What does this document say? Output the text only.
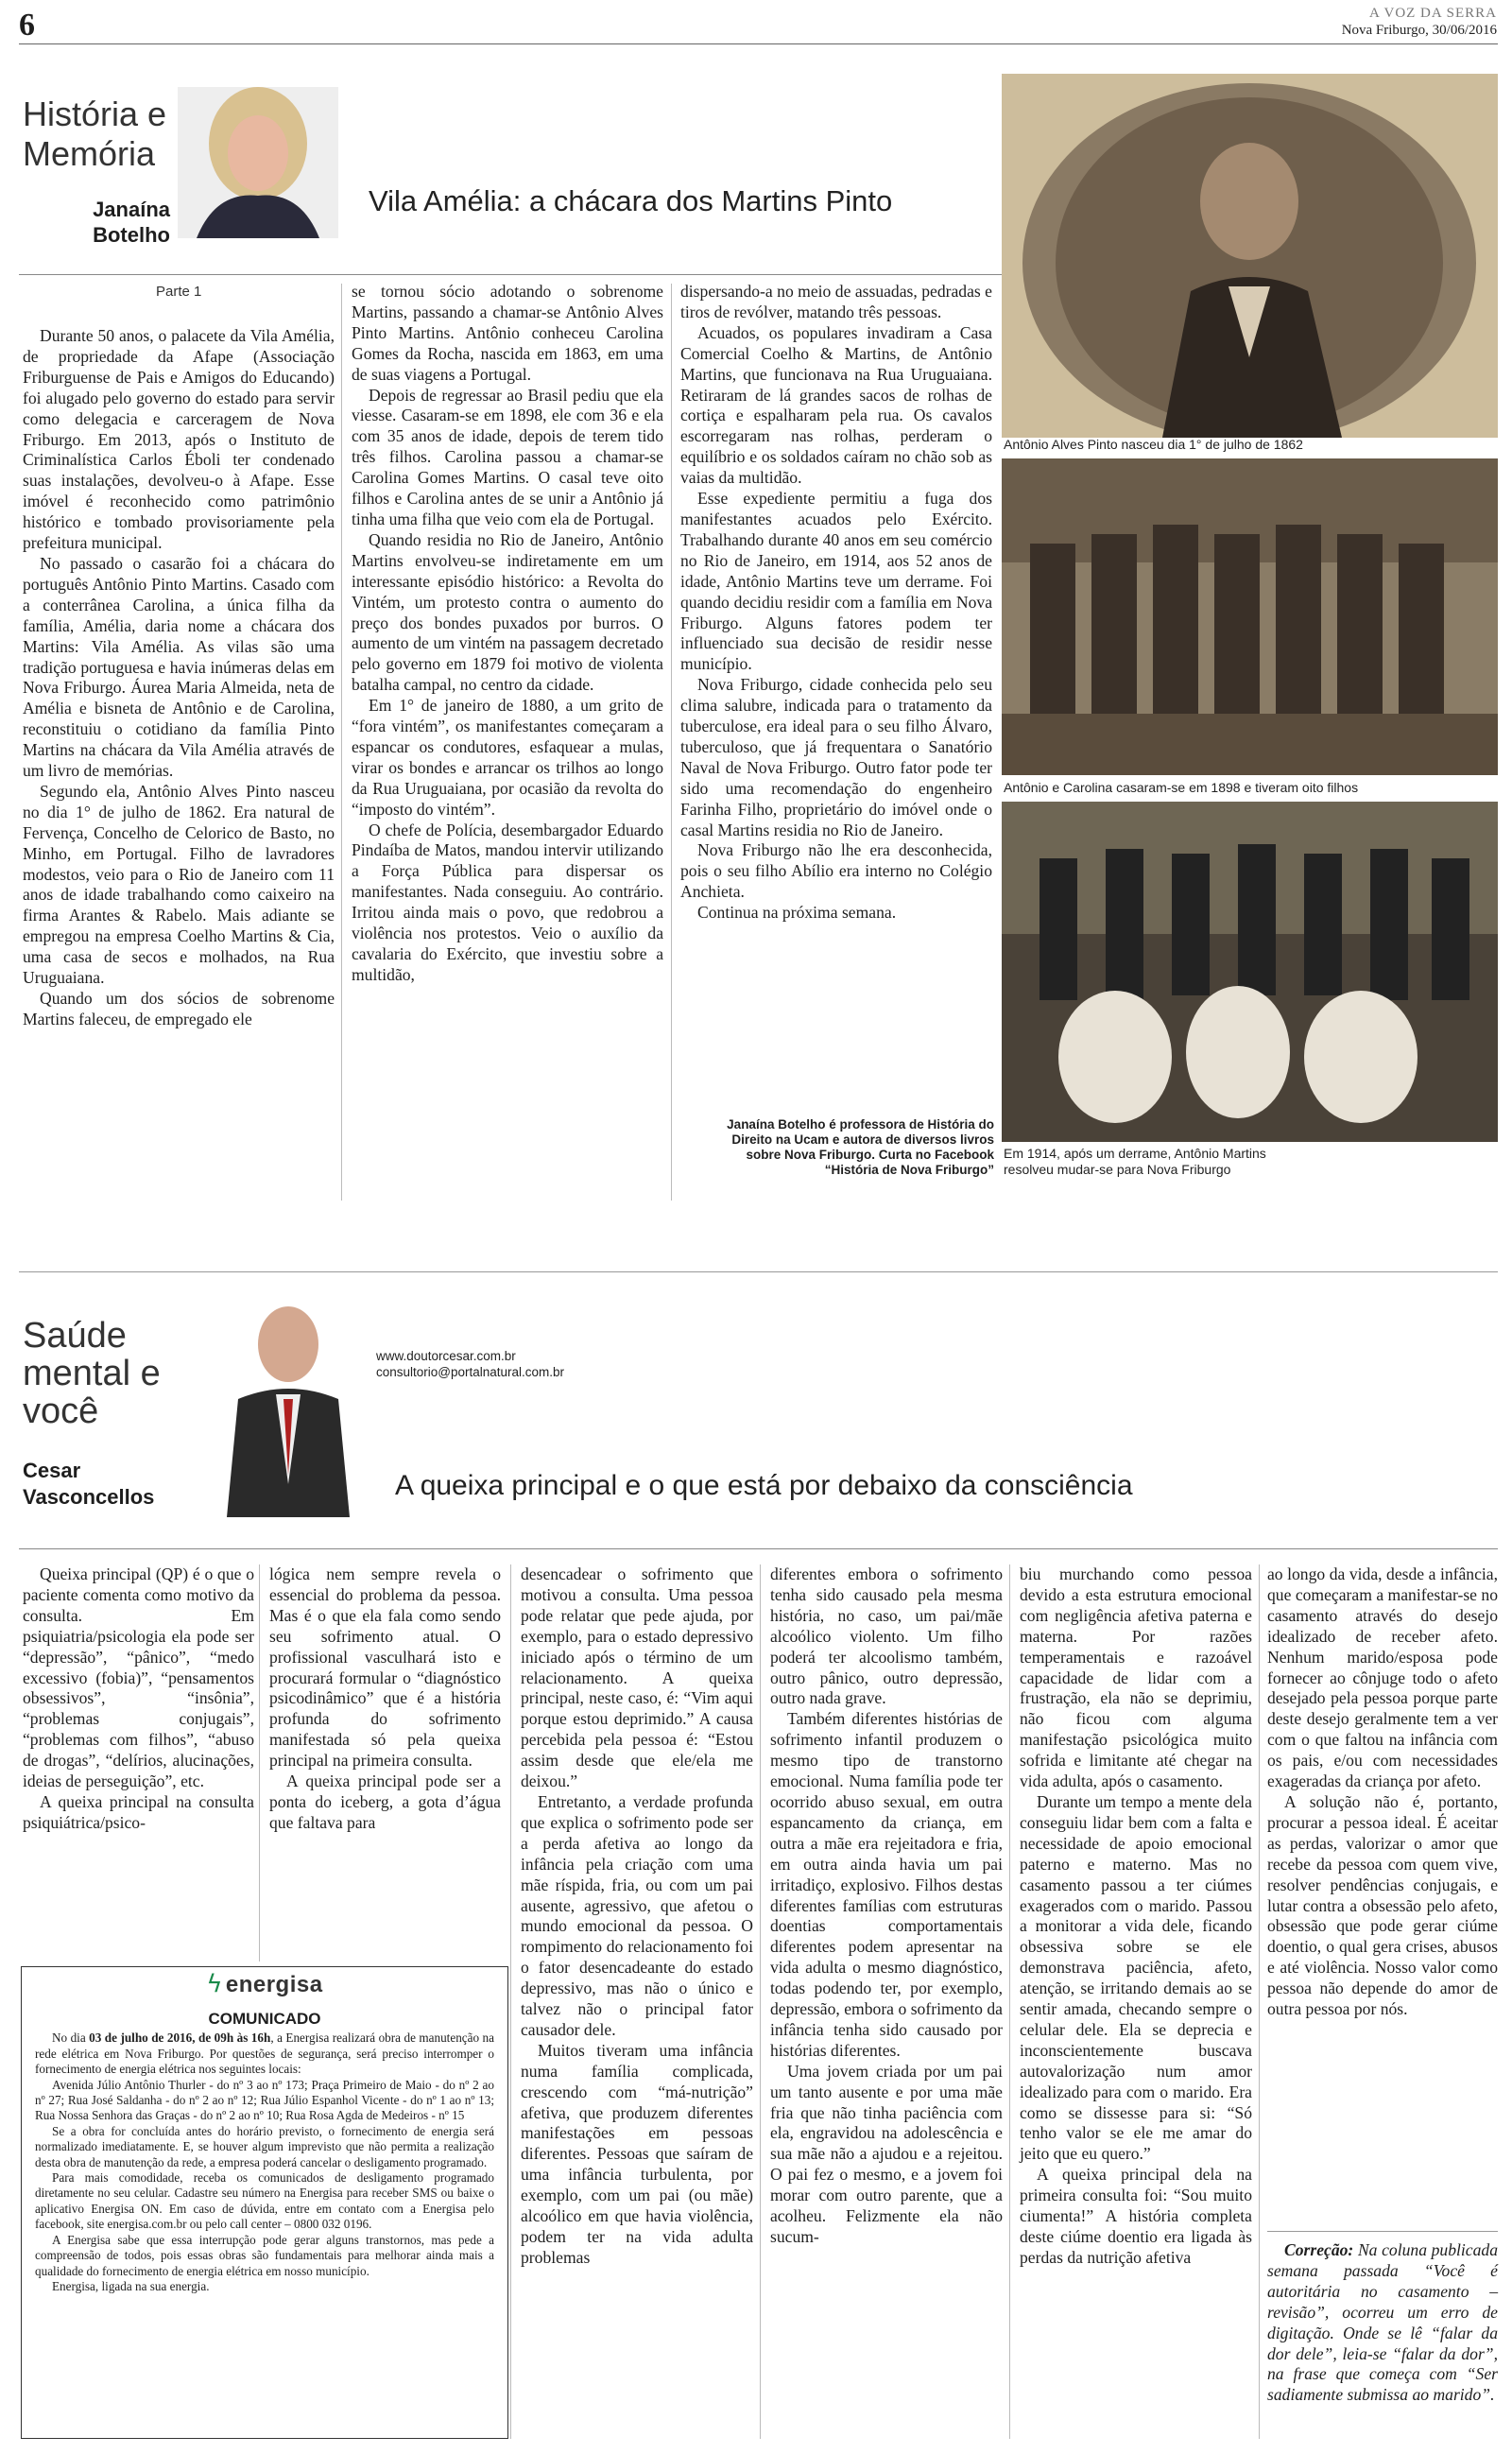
6	A VOZ DA SERRA
Nova Friburgo, 30/06/2016
História e Memória
Janaína Botelho
Vila Amélia: a chácara dos Martins Pinto
Antônio Alves Pinto nasceu dia 1° de julho de 1862
Antônio e Carolina casaram-se em 1898 e tiveram oito filhos
Em 1914, após um derrame, Antônio Martins resolveu mudar-se para Nova Friburgo
Parte 1

Durante 50 anos, o palacete da Vila Amélia, de propriedade da Afape (Associação Friburguense de Pais e Amigos do Educando) foi alugado pelo governo do estado para servir como delegacia e carceragem de Nova Friburgo. Em 2013, após o Instituto de Criminalística Carlos Éboli ter condenado suas instalações, devolveu-o à Afape. Esse imóvel é reconhecido como patrimônio histórico e tombado provisoriamente pela prefeitura municipal.

No passado o casarão foi a chácara do português Antônio Pinto Martins. Casado com a conterrânea Carolina, a única filha da família, Amélia, daria nome a chácara dos Martins: Vila Amélia. As vilas são uma tradição portuguesa e havia inúmeras delas em Nova Friburgo. Áurea Maria Almeida, neta de Amélia e bisneta de Antônio e de Carolina, reconstituiu o cotidiano da família Pinto Martins na chácara da Vila Amélia através de um livro de memórias.

Segundo ela, Antônio Alves Pinto nasceu no dia 1° de julho de 1862. Era natural de Fervença, Concelho de Celorico de Basto, no Minho, em Portugal. Filho de lavradores modestos, veio para o Rio de Janeiro com 11 anos de idade trabalhando como caixeiro na firma Arantes & Rabelo. Mais adiante se empregou na empresa Coelho Martins & Cia, uma casa de secos e molhados, na Rua Uruguaiana.

Quando um dos sócios de sobrenome Martins faleceu, de empregado ele

se tornou sócio adotando o sobrenome Martins, passando a chamar-se Antônio Alves Pinto Martins. Antônio conheceu Carolina Gomes da Rocha, nascida em 1863, em uma de suas viagens a Portugal.

Depois de regressar ao Brasil pediu que ela viesse. Casaram-se em 1898, ele com 36 e ela com 35 anos de idade, depois de terem tido três filhos. Carolina passou a chamar-se Carolina Gomes Martins. O casal teve oito filhos e Carolina antes de se unir a Antônio já tinha uma filha que veio com ela de Portugal.

Quando residia no Rio de Janeiro, Antônio Martins envolveu-se indiretamente em um interessante episódio histórico: a Revolta do Vintém, um protesto contra o aumento do preço dos bondes puxados por burros. O aumento de um vintém na passagem decretado pelo governo em 1879 foi motivo de violenta batalha campal, no centro da cidade.

Em 1° de janeiro de 1880, a um grito de “fora vintém”, os manifestantes começaram a espancar os condutores, esfaquear a mulas, virar os bondes e arrancar os trilhos ao longo da Rua Uruguaiana, por ocasião da revolta do “imposto do vintém”.

O chefe de Polícia, desembargador Eduardo Pindaíba de Matos, mandou intervir utilizando a Força Pública para dispersar os manifestantes. Nada conseguiu. Ao contrário. Irritou ainda mais o povo, que redobrou a violência nos protestos. Veio o auxílio da cavalaria do Exército, que investiu sobre a multidão,

dispersando-a no meio de assuadas, pedradas e tiros de revólver, matando três pessoas.

Acuados, os populares invadiram a Casa Comercial Coelho & Martins, de Antônio Martins, que funcionava na Rua Uruguaiana. Retiraram de lá grandes sacos de rolhas de cortiça e espalharam pela rua. Os cavalos escorregaram nas rolhas, perderam o equilíbrio e os soldados caíram no chão sob as vaias da multidão.

Esse expediente permitiu a fuga dos manifestantes acuados pelo Exército. Trabalhando durante 40 anos em seu comércio no Rio de Janeiro, em 1914, aos 52 anos de idade, Antônio Martins teve um derrame. Foi quando decidiu residir com a família em Nova Friburgo. Alguns fatores podem ter influenciado sua decisão de residir nesse município.

Nova Friburgo, cidade conhecida pelo seu clima salubre, indicada para o tratamento da tuberculose, era ideal para o seu filho Álvaro, tuberculoso, que já frequentara o Sanatório Naval de Nova Friburgo. Outro fator pode ter sido uma recomendação do engenheiro Farinha Filho, proprietário do imóvel onde o casal Martins residia no Rio de Janeiro.

Nova Friburgo não lhe era desconhecida, pois o seu filho Abílio era interno no Colégio Anchieta.

Continua na próxima semana.

Janaína Botelho é professora de História do Direito na Ucam e autora de diversos livros sobre Nova Friburgo. Curta no Facebook “História de Nova Friburgo”
Saúde mental e você
Cesar Vasconcellos
www.doutorcesar.com.br
consultorio@portalnatural.com.br
A queixa principal e o que está por debaixo da consciência

Queixa principal (QP) é o que o paciente comenta como motivo da consulta. Em psiquiatria/psicologia ela pode ser “depressão”, “pânico”, “medo excessivo (fobia)”, “pensamentos obsessivos”, “insônia”, “problemas conjugais”, “problemas com filhos”, “abuso de drogas”, “delírios, alucinações, ideias de perseguição”, etc.

A queixa principal na consulta psiquiátrica/psico-

lógica nem sempre revela o essencial do problema da pessoa. Mas é o que ela fala como sendo seu sofrimento atual. O profissional vasculhará isto e procurará formular o “diagnóstico psicodinâmico” que é a história profunda do sofrimento manifestada só pela queixa principal na primeira consulta.

A queixa principal pode ser a ponta do iceberg, a gota d’água que faltava para

ϟ energisa
COMUNICADO

No dia 03 de julho de 2016, de 09h às 16h, a Energisa realizará obra de manutenção na rede elétrica em Nova Friburgo. Por questões de segurança, será preciso interromper o fornecimento de energia elétrica nos seguintes locais:

Avenida Júlio Antônio Thurler - do nº 3 ao nº 173; Praça Primeiro de Maio - do nº 2 ao nº 27; Rua José Saldanha - do nº 2 ao nº 12; Rua Júlio Espanhol Vicente - do nº 1 ao nº 13; Rua Nossa Senhora das Graças - do nº 2 ao nº 10; Rua Rosa Agda de Medeiros - nº 15

Se a obra for concluída antes do horário previsto, o fornecimento de energia será normalizado imediatamente. E, se houver algum imprevisto que não permita a realização desta obra de manutenção da rede, a empresa poderá cancelar o desligamento programado.

Para mais comodidade, receba os comunicados de desligamento programado diretamente no seu celular. Cadastre seu número na Energisa para receber SMS ou baixe o aplicativo Energisa ON. Em caso de dúvida, entre em contato com a Energisa pelo facebook, site energisa.com.br ou pelo call center – 0800 032 0196.

A Energisa sabe que essa interrupção pode gerar alguns transtornos, mas pede a compreensão de todos, pois essas obras são fundamentais para melhorar ainda mais a qualidade do fornecimento de energia elétrica em nosso município.

Energisa, ligada na sua energia.

desencadear o sofrimento que motivou a consulta. Uma pessoa pode relatar que pede ajuda, por exemplo, para o estado depressivo iniciado após o término de um relacionamento. A queixa principal, neste caso, é: “Vim aqui porque estou deprimido.” A causa percebida pela pessoa é: “Estou assim desde que ele/ela me deixou.”

Entretanto, a verdade profunda que explica o sofrimento pode ser a perda afetiva ao longo da infância pela criação com uma mãe ríspida, fria, ou com um pai ausente, agressivo, que afetou o mundo emocional da pessoa. O rompimento do relacionamento foi o fator desencadeante do estado depressivo, mas não o único e talvez não o principal fator causador dele.

Muitos tiveram uma infância numa família complicada, crescendo com “má-nutrição” afetiva, que produzem diferentes manifestações em pessoas diferentes. Pessoas que saíram de uma infância turbulenta, por exemplo, com um pai (ou mãe) alcoólico em que havia violência, podem ter na vida adulta problemas

diferentes embora o sofrimento tenha sido causado pela mesma história, no caso, um pai/mãe alcoólico violento. Um filho poderá ter alcoolismo também, outro pânico, outro depressão, outro nada grave.

Também diferentes histórias de sofrimento infantil produzem o mesmo tipo de transtorno emocional. Numa família pode ter ocorrido abuso sexual, em outra espancamento da criança, em outra a mãe era rejeitadora e fria, em outra ainda havia um pai irritadiço, explosivo. Filhos destas diferentes famílias com estruturas doentias comportamentais diferentes podem apresentar na vida adulta o mesmo diagnóstico, todas podendo ter, por exemplo, depressão, embora o sofrimento da infância tenha sido causado por histórias diferentes.

Uma jovem criada por um pai um tanto ausente e por uma mãe fria que não tinha paciência com ela, engravidou na adolescência e sua mãe não a ajudou e a rejeitou. O pai fez o mesmo, e a jovem foi morar com outro parente, que a acolheu. Felizmente ela não sucum-

biu murchando como pessoa devido a esta estrutura emocional com negligência afetiva paterna e materna. Por razões temperamentais e razoável capacidade de lidar com a frustração, ela não se deprimiu, não ficou com alguma manifestação psicológica muito sofrida e limitante até chegar na vida adulta, após o casamento.

Durante um tempo a mente dela conseguiu lidar bem com a falta e necessidade de apoio emocional paterno e materno. Mas no casamento passou a ter ciúmes exagerados com o marido. Passou a monitorar a vida dele, ficando obsessiva sobre se ele demonstrava paciência, afeto, atenção, se irritando demais ao se sentir amada, checando sempre o celular dele. Ela se deprecia e inconscientemente buscava autovalorização num amor idealizado para com o marido. Era como se dissesse para si: “Só tenho valor se ele me amar do jeito que eu quero.”

A queixa principal dela na primeira consulta foi: “Sou muito ciumenta!” A história completa deste ciúme doentio era ligada às perdas da nutrição afetiva

ao longo da vida, desde a infância, que começaram a manifestar-se no casamento através do desejo idealizado de receber afeto. Nenhum marido/esposa pode fornecer ao cônjuge todo o afeto desejado pela pessoa porque parte deste desejo geralmente tem a ver com o que faltou na infância com os pais, e/ou com necessidades exageradas da criança por afeto.

A solução não é, portanto, procurar a pessoa ideal. É aceitar as perdas, valorizar o amor que recebe da pessoa com quem vive, resolver pendências conjugais, e lutar contra a obsessão pelo afeto, obsessão que pode gerar ciúme doentio, o qual gera crises, abusos e até violência. Nosso valor como pessoa não depende do amor de outra pessoa por nós.

Correção: Na coluna publicada semana passada “Você é autoritária no casamento – revisão”, ocorreu um erro de digitação. Onde se lê “falar da dor dele”, leia-se “falar da dor”, na frase que começa com “Ser sadiamente submissa ao marido”.
